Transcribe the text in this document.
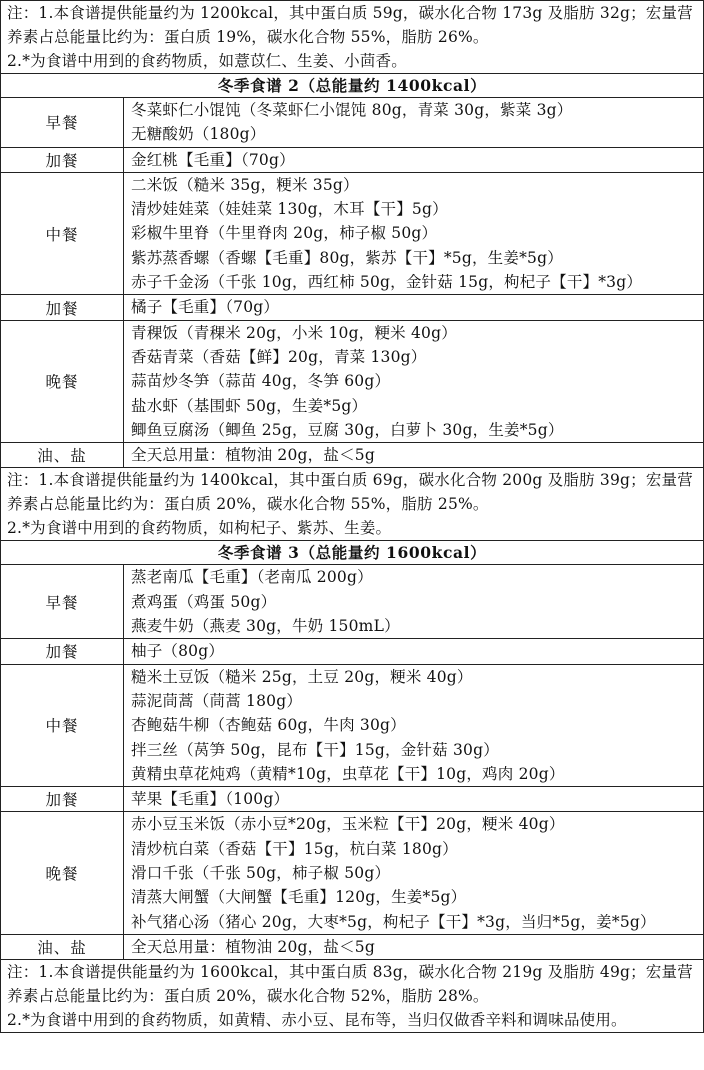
注：1.本食谱提供能量约为 1200kcal，其中蛋白质 59g，碳水化合物 173g 及脂肪 32g；宏量营养素占总能量比约为：蛋白质 19%，碳水化合物 55%，脂肪 26%。
2.*为食谱中用到的食药物质，如薏苡仁、生姜、小茴香。	

冬季食谱 2（总能量约 1400kcal）	
早餐	冬菜虾仁小馄饨（冬菜虾仁小馄饨 80g，青菜 30g，紫菜 3g）
无糖酸奶（180g）

加餐	金红桃【毛重】（70g）

中餐	二米饭（糙米 35g，粳米 35g）
清炒娃娃菜（娃娃菜 130g，木耳【干】5g）
彩椒牛里脊（牛里脊肉 20g，柿子椒 50g）
紫苏蒸香螺（香螺【毛重】80g，紫苏【干】*5g，生姜*5g）
赤子千金汤（千张 10g，西红柿 50g，金针菇 15g，枸杞子【干】*3g）

加餐	橘子【毛重】（70g）

晚餐	青稞饭（青稞米 20g，小米 10g，粳米 40g）
香菇青菜（香菇【鲜】20g，青菜 130g）
蒜苗炒冬笋（蒜苗 40g，冬笋 60g）
盐水虾（基围虾 50g，生姜*5g）
鲫鱼豆腐汤（鲫鱼 25g，豆腐 30g，白萝卜 30g，生姜*5g）

油、盐	全天总用量：植物油 20g，盐＜5g

注：1.本食谱提供能量约为 1400kcal，其中蛋白质 69g，碳水化合物 200g 及脂肪 39g；宏量营养素占总能量比约为：蛋白质 20%，碳水化合物 55%，脂肪 25%。
2.*为食谱中用到的食药物质，如枸杞子、紫苏、生姜。	

冬季食谱 3（总能量约 1600kcal）	
早餐	蒸老南瓜【毛重】（老南瓜 200g）
煮鸡蛋（鸡蛋 50g）
燕麦牛奶（燕麦 30g，牛奶 150mL）

加餐	柚子（80g）

中餐	糙米土豆饭（糙米 25g，土豆 20g，粳米 40g）
蒜泥茼蒿（茼蒿 180g）
杏鲍菇牛柳（杏鲍菇 60g，牛肉 30g）
拌三丝（莴笋 50g，昆布【干】15g，金针菇 30g）
黄精虫草花炖鸡（黄精*10g，虫草花【干】10g，鸡肉 20g）

加餐	苹果【毛重】（100g）

晚餐	赤小豆玉米饭（赤小豆*20g，玉米粒【干】20g，粳米 40g）
清炒杭白菜（香菇【干】15g，杭白菜 180g）
滑口千张（千张 50g，柿子椒 50g）
清蒸大闸蟹（大闸蟹【毛重】120g，生姜*5g）
补气猪心汤（猪心 20g，大枣*5g，枸杞子【干】*3g，当归*5g，姜*5g）

油、盐	全天总用量：植物油 20g，盐＜5g

注：1.本食谱提供能量约为 1600kcal，其中蛋白质 83g，碳水化合物 219g 及脂肪 49g；宏量营养素占总能量比约为：蛋白质 20%，碳水化合物 52%，脂肪 28%。
2.*为食谱中用到的食药物质，如黄精、赤小豆、昆布等，当归仅做香辛料和调味品使用。	
